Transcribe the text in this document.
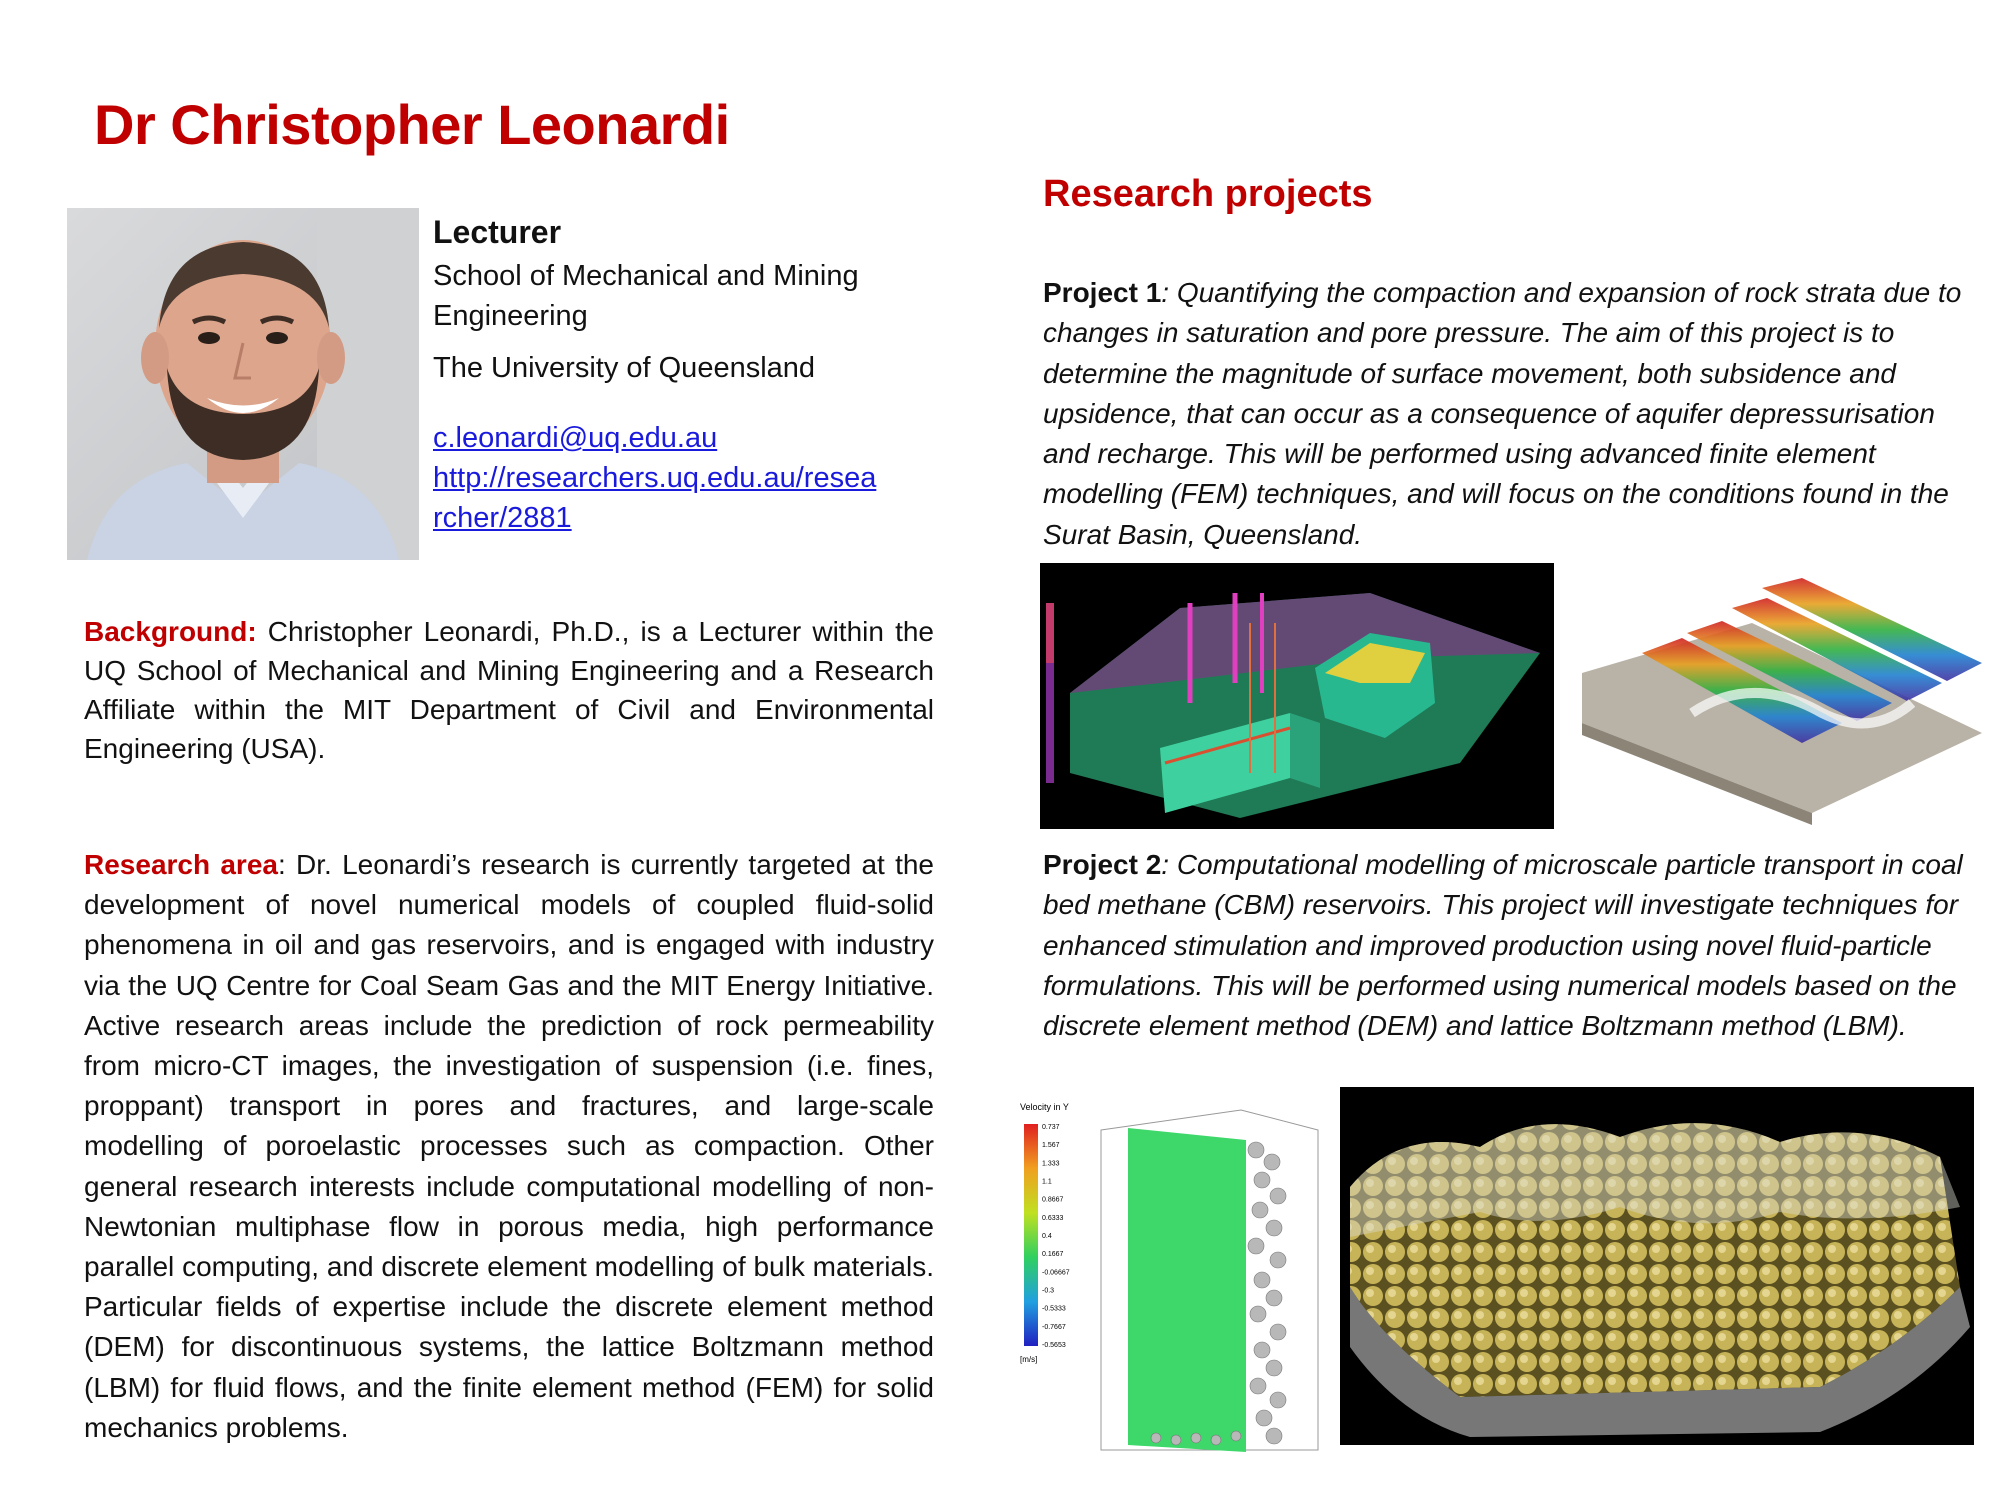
Dr Christopher Leonardi
Lecturer
School of Mechanical and Mining
Engineering
The University of Queensland
c.leonardi@uq.edu.au
http://researchers.uq.edu.au/resea
rcher/2881
Background: Christopher Leonardi, Ph.D., is a Lecturer within the UQ School of Mechanical and Mining Engineering and a Research Affiliate within the MIT Department of Civil and Environmental Engineering (USA).
Research area: Dr. Leonardi’s research is currently targeted at the development of novel numerical models of coupled fluid-solid phenomena in oil and gas reservoirs, and is engaged with industry via the UQ Centre for Coal Seam Gas and the MIT Energy Initiative. Active research areas include the prediction of rock permeability from micro-CT images, the investigation of suspension (i.e. fines, proppant) transport in pores and fractures, and large-scale modelling of poroelastic processes such as compaction. Other general research interests include computational modelling of non-Newtonian multiphase flow in porous media, high performance parallel computing, and discrete element modelling of bulk materials. Particular fields of expertise include the discrete element method (DEM) for discontinuous systems, the lattice Boltzmann method (LBM) for fluid flows, and the finite element method (FEM) for solid mechanics problems.
Research projects
Project 1: Quantifying the compaction and expansion of rock strata due to changes in saturation and pore pressure. The aim of this project is to determine the magnitude of surface movement, both subsidence and upsidence, that can occur as a consequence of aquifer depressurisation and recharge. This will be performed using advanced finite element modelling (FEM) techniques, and will focus on the conditions found in the Surat Basin, Queensland.
Project 2: Computational modelling of microscale particle transport in coal bed methane (CBM) reservoirs. This project will investigate techniques for enhanced stimulation and improved production using novel fluid-particle formulations. This will be performed using numerical models based on the discrete element method (DEM) and lattice Boltzmann method (LBM).
Velocity in Y
0.737
1.567
1.333
1.1
0.8667
0.6333
0.4
0.1667
-0.06667
-0.3
-0.5333
-0.7667
-0.5653
[m/s]
